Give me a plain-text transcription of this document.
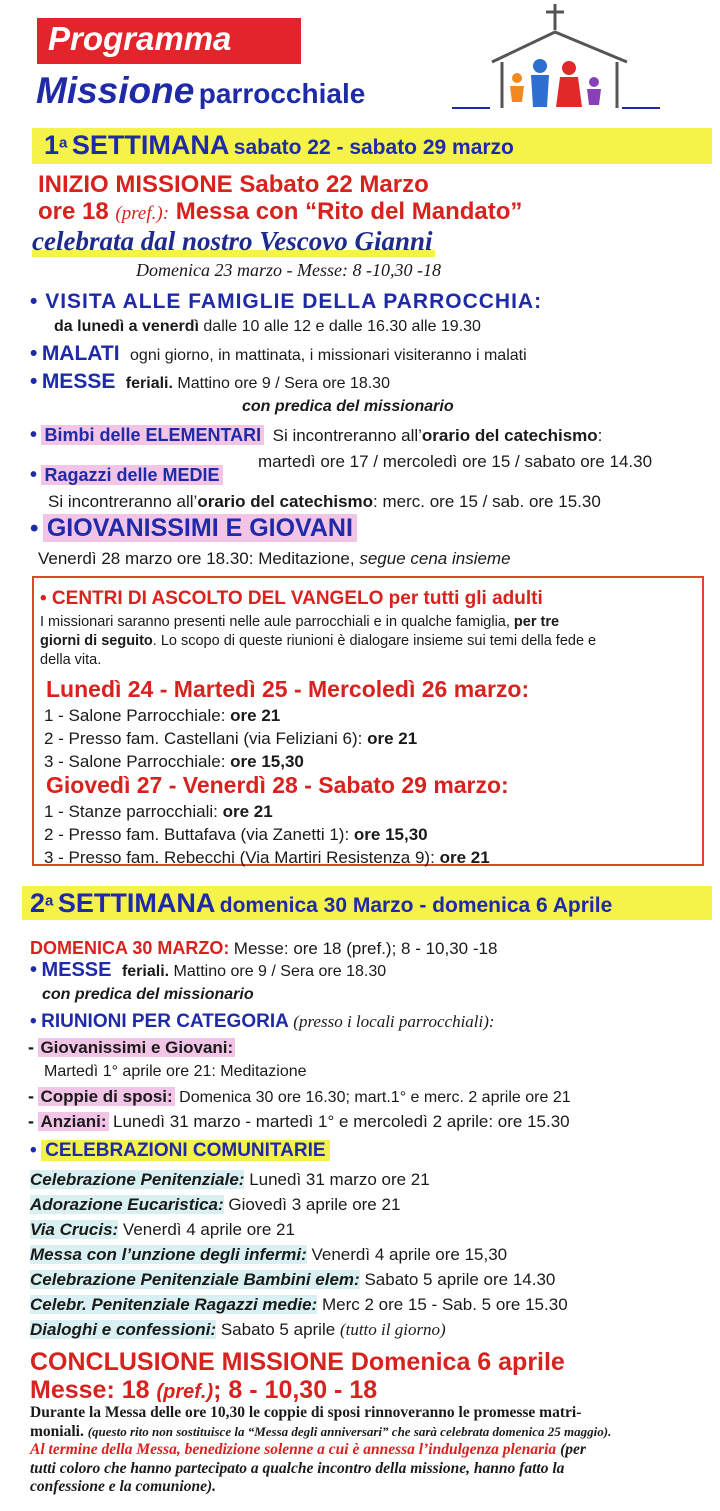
Programma
Missione parrocchiale
1$^a$ SETTIMANA sabato 22 - sabato 29 marzo
INIZIO MISSIONE Sabato 22 Marzo
ore 18 (pref.): Messa con “Rito del Mandato”
celebrata dal nostro Vescovo Gianni
Domenica 23 marzo - Messe: 8 -10,30 -18
• VISITA ALLE FAMIGLIE DELLA PARROCCHIA:
da lunedì a venerdì dalle 10 alle 12 e dalle 16.30 alle 19.30
• MALATI ogni giorno, in mattinata, i missionari visiteranno i malati
• MESSE feriali. Mattino ore 9 / Sera ore 18.30
con predica del missionario
• Bimbi delle ELEMENTARI Si incontreranno all’orario del catechismo:
martedì ore 17 / mercoledì ore 15 / sabato ore 14.30
• Ragazzi delle MEDIE
Si incontreranno all’orario del catechismo: merc. ore 15 / sab. ore 15.30
• GIOVANISSIMI E GIOVANI
Venerdì 28 marzo ore 18.30: Meditazione, segue cena insieme
• CENTRI DI ASCOLTO DEL VANGELO per tutti gli adulti
I missionari saranno presenti nelle aule parrocchiali e in qualche famiglia, per tre
giorni di seguito. Lo scopo di queste riunioni è dialogare insieme sui temi della fede e
della vita.
Lunedì 24 - Martedì 25 - Mercoledì 26 marzo:
1 - Salone Parrocchiale: ore 21
2 - Presso fam. Castellani (via Feliziani 6): ore 21
3 - Salone Parrocchiale: ore 15,30
Giovedì 27 - Venerdì 28 - Sabato 29 marzo:
1 - Stanze parrocchiali: ore 21
2 - Presso fam. Buttafava (via Zanetti 1): ore 15,30
3 - Presso fam. Rebecchi (Via Martiri Resistenza 9): ore 21
2$^a$ SETTIMANA domenica 30 Marzo - domenica 6 Aprile
DOMENICA 30 MARZO: Messe: ore 18 (pref.); 8 - 10,30 -18
• MESSE feriali. Mattino ore 9 / Sera ore 18.30
con predica del missionario
• RIUNIONI PER CATEGORIA (presso i locali parrocchiali):
- Giovanissimi e Giovani:
Martedì 1° aprile ore 21: Meditazione
- Coppie di sposi: Domenica 30 ore 16.30; mart.1° e merc. 2 aprile ore 21
- Anziani: Lunedì 31 marzo - martedì 1° e mercoledì 2 aprile: ore 15.30
• CELEBRAZIONI COMUNITARIE
Celebrazione Penitenziale: Lunedì 31 marzo ore 21
Adorazione Eucaristica: Giovedì 3 aprile ore 21
Via Crucis: Venerdì 4 aprile ore 21
Messa con l’unzione degli infermi: Venerdì 4 aprile ore 15,30
Celebrazione Penitenziale Bambini elem: Sabato 5 aprile ore 14.30
Celebr. Penitenziale Ragazzi medie: Merc 2 ore 15 - Sab. 5 ore 15.30
Dialoghi e confessioni: Sabato 5 aprile (tutto il giorno)
CONCLUSIONE MISSIONE Domenica 6 aprile
Messe: 18 (pref.); 8 - 10,30 - 18
Durante la Messa delle ore 10,30 le coppie di sposi rinnoveranno le promesse matri-
moniali. (questo rito non sostituisce la “Messa degli anniversari” che sarà celebrata domenica 25 maggio).
Al termine della Messa, benedizione solenne a cui è annessa l’indulgenza plenaria (per
tutti coloro che hanno partecipato a qualche incontro della missione, hanno fatto la
confessione e la comunione).
